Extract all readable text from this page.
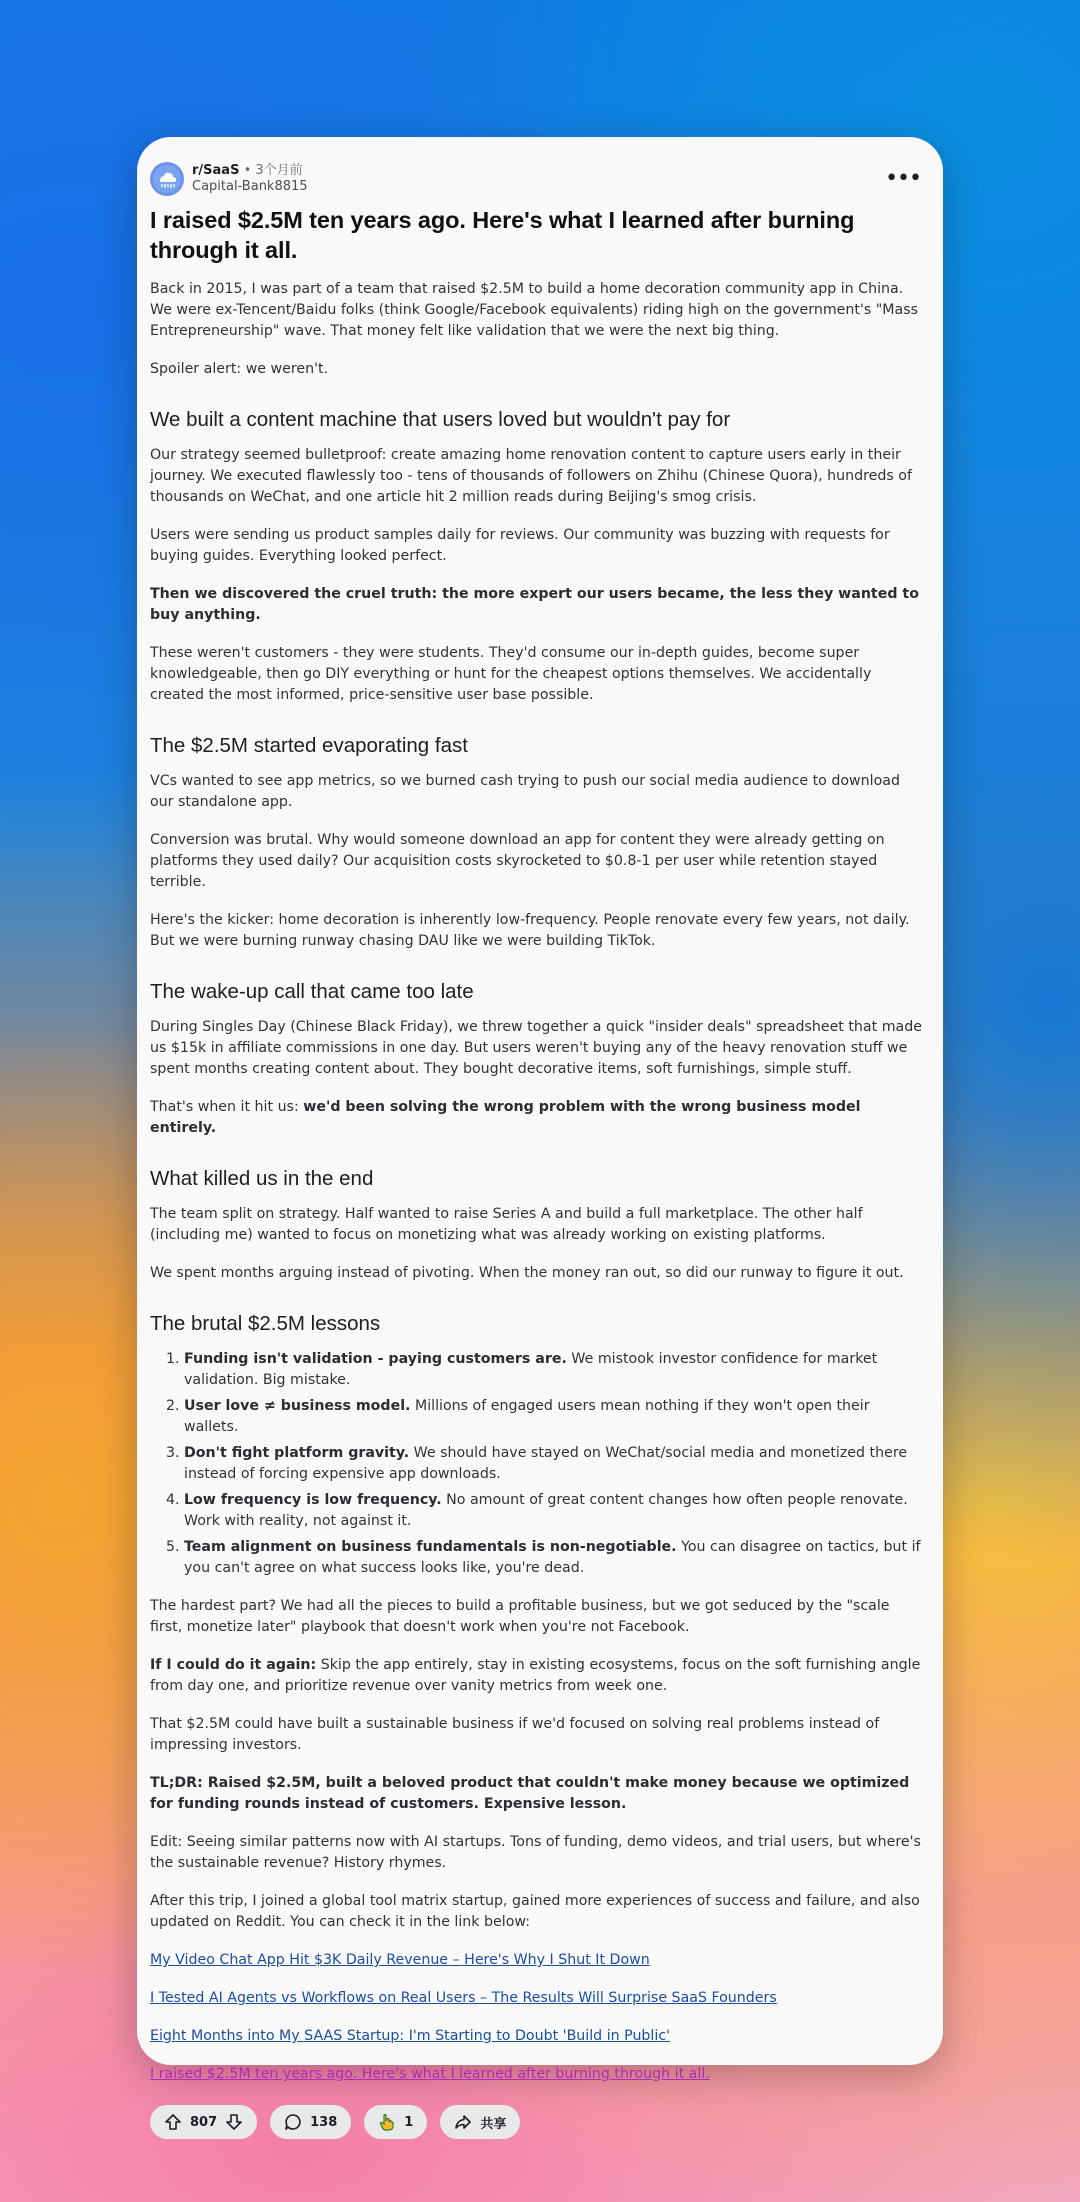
r/SaaS • 3个月前
Capital-Bank8815	•••
I raised $2.5M ten years ago. Here's what I learned after burning through it all.

Back in 2015, I was part of a team that raised $2.5M to build a home decoration community app in China. We were ex-Tencent/Baidu folks (think Google/Facebook equivalents) riding high on the government's "Mass Entrepreneurship" wave. That money felt like validation that we were the next big thing.

Spoiler alert: we weren't.

We built a content machine that users loved but wouldn't pay for

Our strategy seemed bulletproof: create amazing home renovation content to capture users early in their journey. We executed flawlessly too - tens of thousands of followers on Zhihu (Chinese Quora), hundreds of thousands on WeChat, and one article hit 2 million reads during Beijing's smog crisis.

Users were sending us product samples daily for reviews. Our community was buzzing with requests for buying guides. Everything looked perfect.

Then we discovered the cruel truth: the more expert our users became, the less they wanted to buy anything.

These weren't customers - they were students. They'd consume our in-depth guides, become super knowledgeable, then go DIY everything or hunt for the cheapest options themselves. We accidentally created the most informed, price-sensitive user base possible.

The $2.5M started evaporating fast

VCs wanted to see app metrics, so we burned cash trying to push our social media audience to download our standalone app.

Conversion was brutal. Why would someone download an app for content they were already getting on platforms they used daily? Our acquisition costs skyrocketed to $0.8-1 per user while retention stayed terrible.

Here's the kicker: home decoration is inherently low-frequency. People renovate every few years, not daily. But we were burning runway chasing DAU like we were building TikTok.

The wake-up call that came too late

During Singles Day (Chinese Black Friday), we threw together a quick "insider deals" spreadsheet that made us $15k in affiliate commissions in one day. But users weren't buying any of the heavy renovation stuff we spent months creating content about. They bought decorative items, soft furnishings, simple stuff.

That's when it hit us: we'd been solving the wrong problem with the wrong business model entirely.

What killed us in the end

The team split on strategy. Half wanted to raise Series A and build a full marketplace. The other half (including me) wanted to focus on monetizing what was already working on existing platforms.

We spent months arguing instead of pivoting. When the money ran out, so did our runway to figure it out.

The brutal $2.5M lessons
1. Funding isn't validation - paying customers are. We mistook investor confidence for market validation. Big mistake.
2. User love ≠ business model. Millions of engaged users mean nothing if they won't open their wallets.
3. Don't fight platform gravity. We should have stayed on WeChat/social media and monetized there instead of forcing expensive app downloads.
4. Low frequency is low frequency. No amount of great content changes how often people renovate. Work with reality, not against it.
5. Team alignment on business fundamentals is non-negotiable. You can disagree on tactics, but if you can't agree on what success looks like, you're dead.

The hardest part? We had all the pieces to build a profitable business, but we got seduced by the "scale first, monetize later" playbook that doesn't work when you're not Facebook.

If I could do it again: Skip the app entirely, stay in existing ecosystems, focus on the soft furnishing angle from day one, and prioritize revenue over vanity metrics from week one.

That $2.5M could have built a sustainable business if we'd focused on solving real problems instead of impressing investors.

TL;DR: Raised $2.5M, built a beloved product that couldn't make money because we optimized for funding rounds instead of customers. Expensive lesson.

Edit: Seeing similar patterns now with AI startups. Tons of funding, demo videos, and trial users, but where's the sustainable revenue? History rhymes.

After this trip, I joined a global tool matrix startup, gained more experiences of success and failure, and also updated on Reddit. You can check it in the link below:

My Video Chat App Hit $3K Daily Revenue – Here's Why I Shut It Down

I Tested AI Agents vs Workflows on Real Users – The Results Will Surprise SaaS Founders

Eight Months into My SAAS Startup: I'm Starting to Doubt 'Build in Public'

I raised $2.5M ten years ago. Here's what I learned after burning through it all.

807	138	1	共享
